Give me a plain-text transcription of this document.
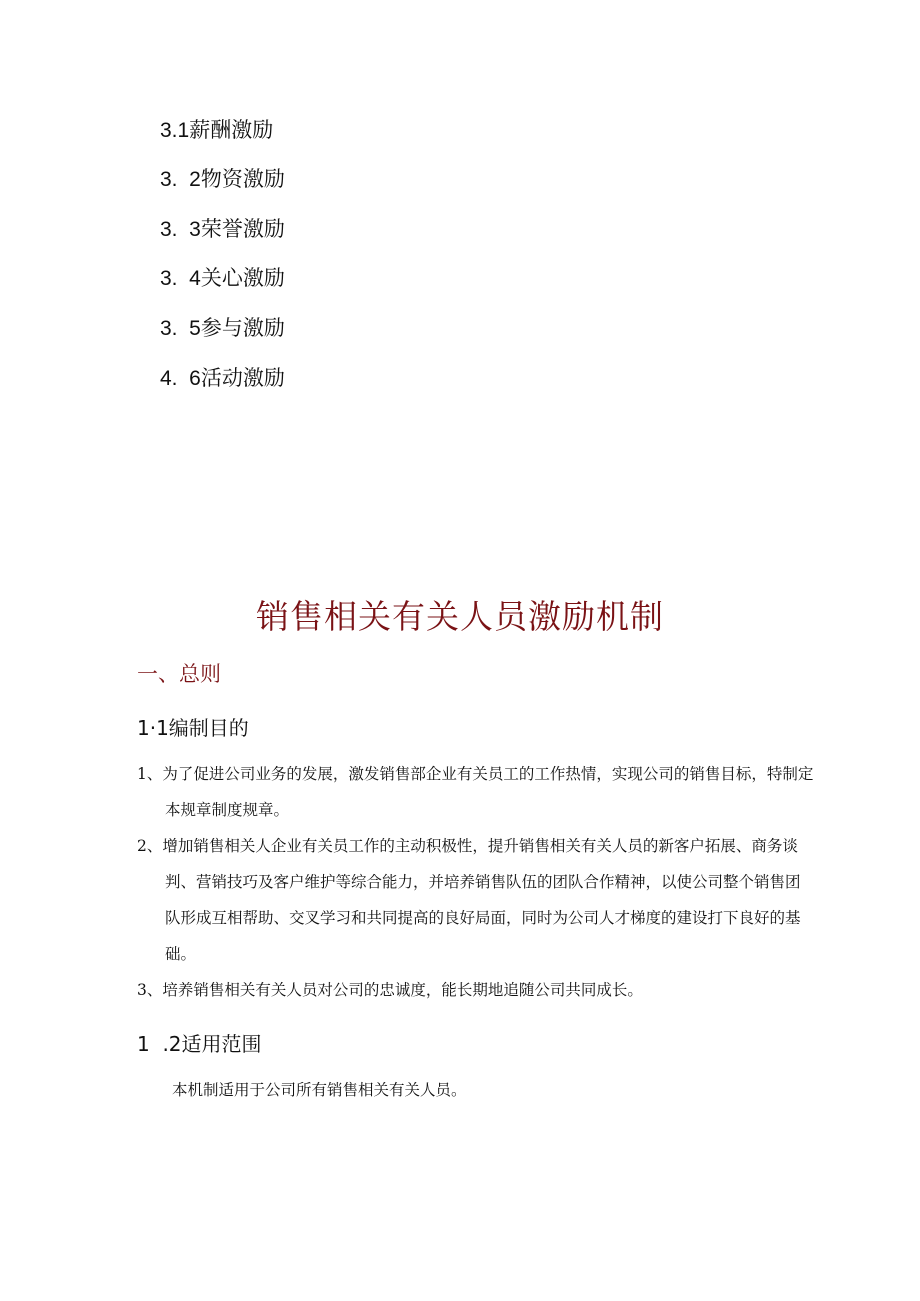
3.1薪酬激励
3.  2物资激励
3.  3荣誉激励
3.  4关心激励
3.  5参与激励
4.  6活动激励
销售相关有关人员激励机制
一、总则
1·1编制目的

1、为了促进公司业务的发展，激发销售部企业有关员工的工作热情，实现公司的销售目标，特制定本规章制度规章。

2、增加销售相关人企业有关员工作的主动积极性，提升销售相关有关人员的新客户拓展、商务谈判、营销技巧及客户维护等综合能力，并培养销售队伍的团队合作精神，以使公司整个销售团队形成互相帮助、交叉学习和共同提高的良好局面，同时为公司人才梯度的建设打下良好的基础。

3、培养销售相关有关人员对公司的忠诚度，能长期地追随公司共同成长。

1  .2适用范围
本机制适用于公司所有销售相关有关人员。
